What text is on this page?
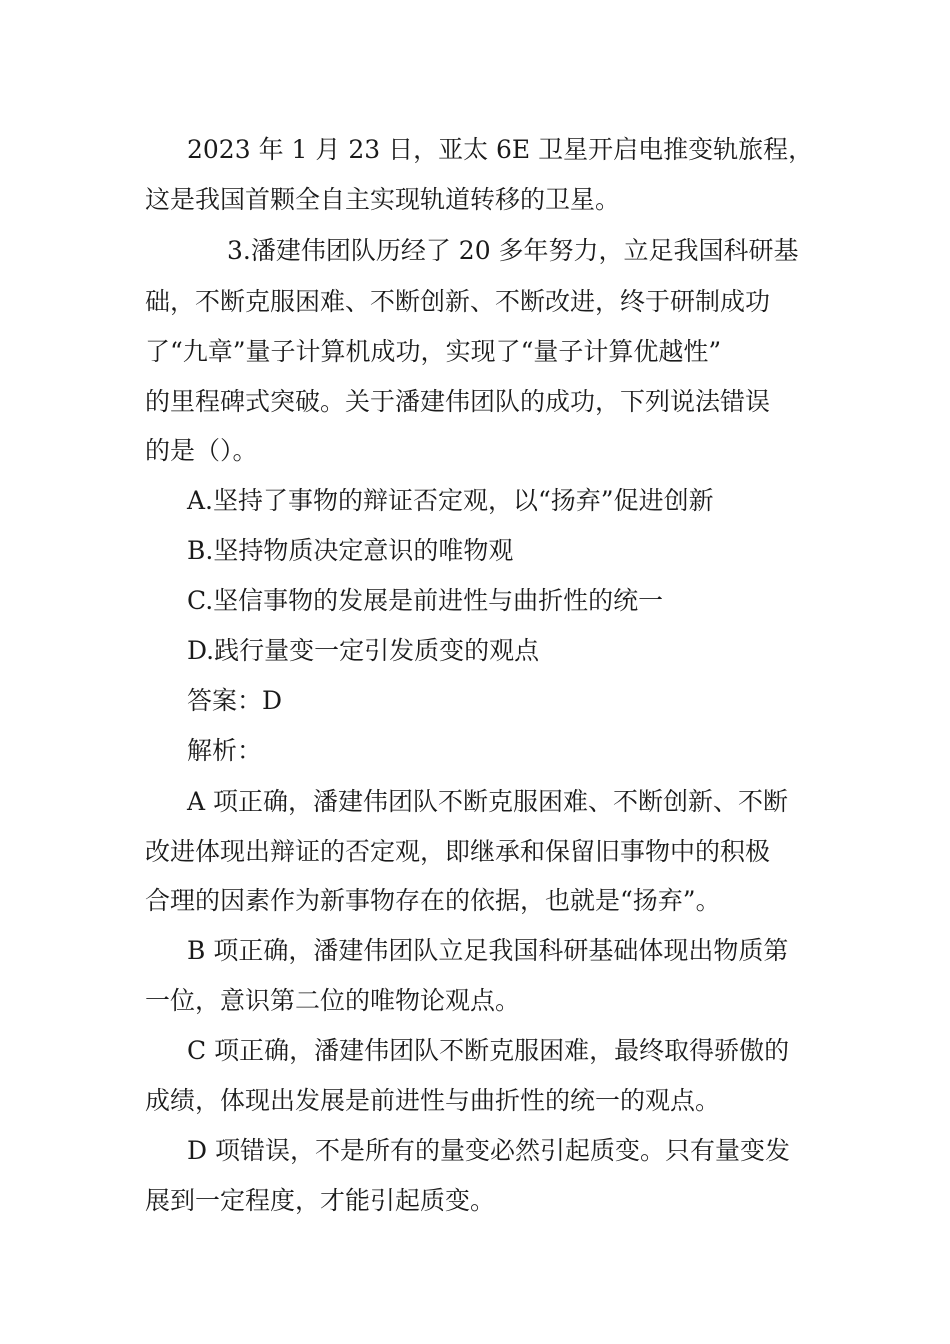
2023 年 1 月 23 日，亚太 6E 卫星开启电推变轨旅程，

这是我国首颗全自主实现轨道转移的卫星。

3.潘建伟团队历经了 20 多年努力，立足我国科研基

础，不断克服困难、不断创新、不断改进，终于研制成功

了“九章”量子计算机成功，实现了“量子计算优越性”

的里程碑式突破。关于潘建伟团队的成功，下列说法错误

的是（）。

A.坚持了事物的辩证否定观，以“扬弃”促进创新

B.坚持物质决定意识的唯物观

C.坚信事物的发展是前进性与曲折性的统一

D.践行量变一定引发质变的观点

答案：D

解析：

A 项正确，潘建伟团队不断克服困难、不断创新、不断

改进体现出辩证的否定观，即继承和保留旧事物中的积极

合理的因素作为新事物存在的依据，也就是“扬弃”。

B 项正确，潘建伟团队立足我国科研基础体现出物质第

一位，意识第二位的唯物论观点。

C 项正确，潘建伟团队不断克服困难，最终取得骄傲的

成绩，体现出发展是前进性与曲折性的统一的观点。

D 项错误，不是所有的量变必然引起质变。只有量变发

展到一定程度，才能引起质变。
